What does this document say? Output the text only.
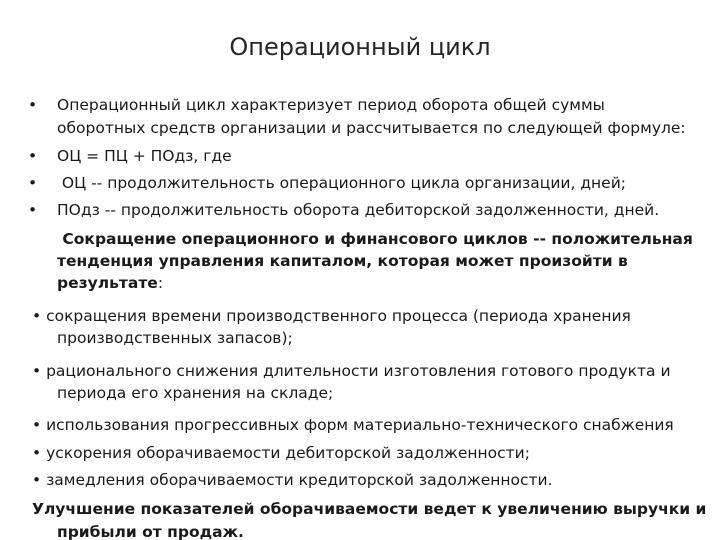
Операционный цикл
• Операционный цикл характеризует период оборота общей суммы

оборотных средств организации и рассчитывается по следующей формуле:

• ОЦ = ПЦ + ПОдз, где

• ОЦ -- продолжительность операционного цикла организации, дней;

• ПОдз -- продолжительность оборота дебиторской задолженности, дней.

Сокращение операционного и финансового циклов -- положительная

тенденция управления капиталом, которая может произойти в

результате:

• сокращения времени производственного процесса (периода хранения

производственных запасов);

• рационального снижения длительности изготовления готового продукта и

периода его хранения на складе;

• использования прогрессивных форм материально-технического снабжения

• ускорения оборачиваемости дебиторской задолженности;

• замедления оборачиваемости кредиторской задолженности.

Улучшение показателей оборачиваемости ведет к увеличению выручки и

прибыли от продаж.
